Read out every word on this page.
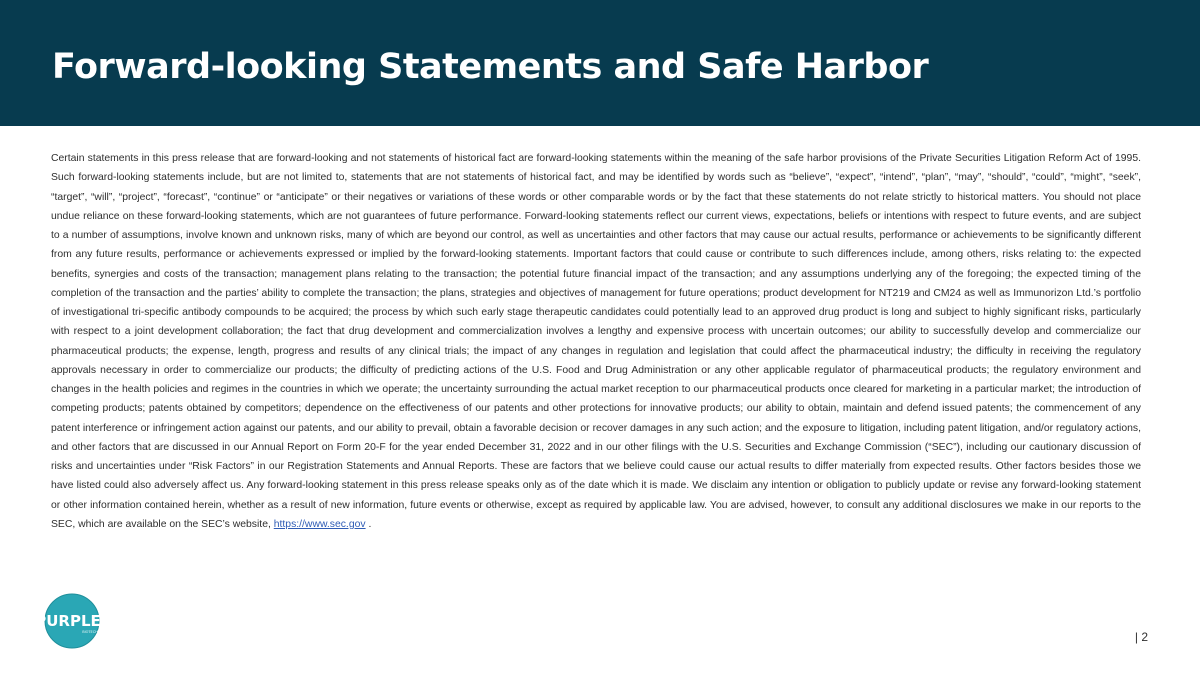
Forward-looking Statements and Safe Harbor

Certain statements in this press release that are forward-looking and not statements of historical fact are forward-looking statements within the meaning of the safe harbor provisions of the Private Securities Litigation Reform Act of 1995. Such forward-looking statements include, but are not limited to, statements that are not statements of historical fact, and may be identified by words such as “believe”, “expect”, “intend”, “plan”, “may”, “should”, “could”, “might”, “seek”, “target”, “will”, “project”, “forecast”, “continue” or “anticipate” or their negatives or variations of these words or other comparable words or by the fact that these statements do not relate strictly to historical matters. You should not place undue reliance on these forward-looking statements, which are not guarantees of future performance. Forward-looking statements reflect our current views, expectations, beliefs or intentions with respect to future events, and are subject to a number of assumptions, involve known and unknown risks, many of which are beyond our control, as well as uncertainties and other factors that may cause our actual results, performance or achievements to be significantly different from any future results, performance or achievements expressed or implied by the forward-looking statements. Important factors that could cause or contribute to such differences include, among others, risks relating to: the expected benefits, synergies and costs of the transaction; management plans relating to the transaction; the potential future financial impact of the transaction; and any assumptions underlying any of the foregoing; the expected timing of the completion of the transaction and the parties’ ability to complete the transaction; the plans, strategies and objectives of management for future operations; product development for NT219 and CM24 as well as Immunorizon Ltd.’s portfolio of investigational tri-specific antibody compounds to be acquired; the process by which such early stage therapeutic candidates could potentially lead to an approved drug product is long and subject to highly significant risks, particularly with respect to a joint development collaboration; the fact that drug development and commercialization involves a lengthy and expensive process with uncertain outcomes; our ability to successfully develop and commercialize our pharmaceutical products; the expense, length, progress and results of any clinical trials; the impact of any changes in regulation and legislation that could affect the pharmaceutical industry; the difficulty in receiving the regulatory approvals necessary in order to commercialize our products; the difficulty of predicting actions of the U.S. Food and Drug Administration or any other applicable regulator of pharmaceutical products; the regulatory environment and changes in the health policies and regimes in the countries in which we operate; the uncertainty surrounding the actual market reception to our pharmaceutical products once cleared for marketing in a particular market; the introduction of competing products; patents obtained by competitors; dependence on the effectiveness of our patents and other protections for innovative products; our ability to obtain, maintain and defend issued patents; the commencement of any patent interference or infringement action against our patents, and our ability to prevail, obtain a favorable decision or recover damages in any such action; and the exposure to litigation, including patent litigation, and/or regulatory actions, and other factors that are discussed in our Annual Report on Form 20-F for the year ended December 31, 2022 and in our other filings with the U.S. Securities and Exchange Commission (“SEC”), including our cautionary discussion of risks and uncertainties under “Risk Factors” in our Registration Statements and Annual Reports. These are factors that we believe could cause our actual results to differ materially from expected results. Other factors besides those we have listed could also adversely affect us. Any forward-looking statement in this press release speaks only as of the date which it is made. We disclaim any intention or obligation to publicly update or revise any forward-looking statement or other information contained herein, whether as a result of new information, future events or otherwise, except as required by applicable law. You are advised, however, to consult any additional disclosures we make in our reports to the SEC, which are available on the SEC’s website, https://www.sec.gov .

PURPLE
BIOTECH	| 2
